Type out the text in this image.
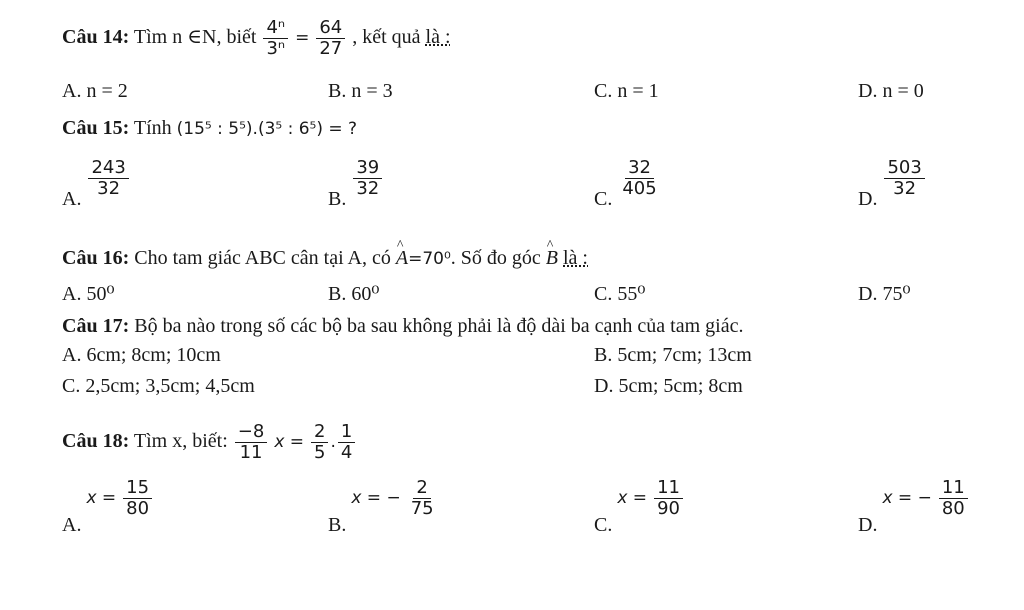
Câu 14: Tìm n ∈N, biết $\frac{\text{4ⁿ}}{\text{3ⁿ}} = \frac{64}{27}$ , kết quả là :
A. n = 2	B. n = 3	C. n = 1	D. n = 0
Câu 15: Tính (15⁵ : 5⁵).(3⁵ : 6⁵) = ?
A.
$\frac{243}{32}$
B.
$\frac{39}{32}$
C.
$\frac{32}{405}$
D.
$\frac{503}{32}$
Câu 16: Cho tam giác ABC cân tại A, có ^ A=70⁰. Số đo góc ^ B là :
A. 50⁰	B. 60⁰	C. 55⁰	D. 75⁰
Câu 17: Bộ ba nào trong số các bộ ba sau không phải là độ dài ba cạnh của tam giác.
A. 6cm; 8cm; 10cm	B. 5cm; 7cm; 13cm
C. 2,5cm; 3,5cm; 4,5cm	D. 5cm; 5cm; 8cm
Câu 18: Tìm x, biết: $\frac{-8}{11}$ $x = \frac{2}{5}$ . $\frac{1}{4}$
A. $x = \frac{15}{80}$
B. x = − $\frac{2}{75}$
C. $x = \frac{11}{90}$
D. x = − $\frac{11}{80}$
